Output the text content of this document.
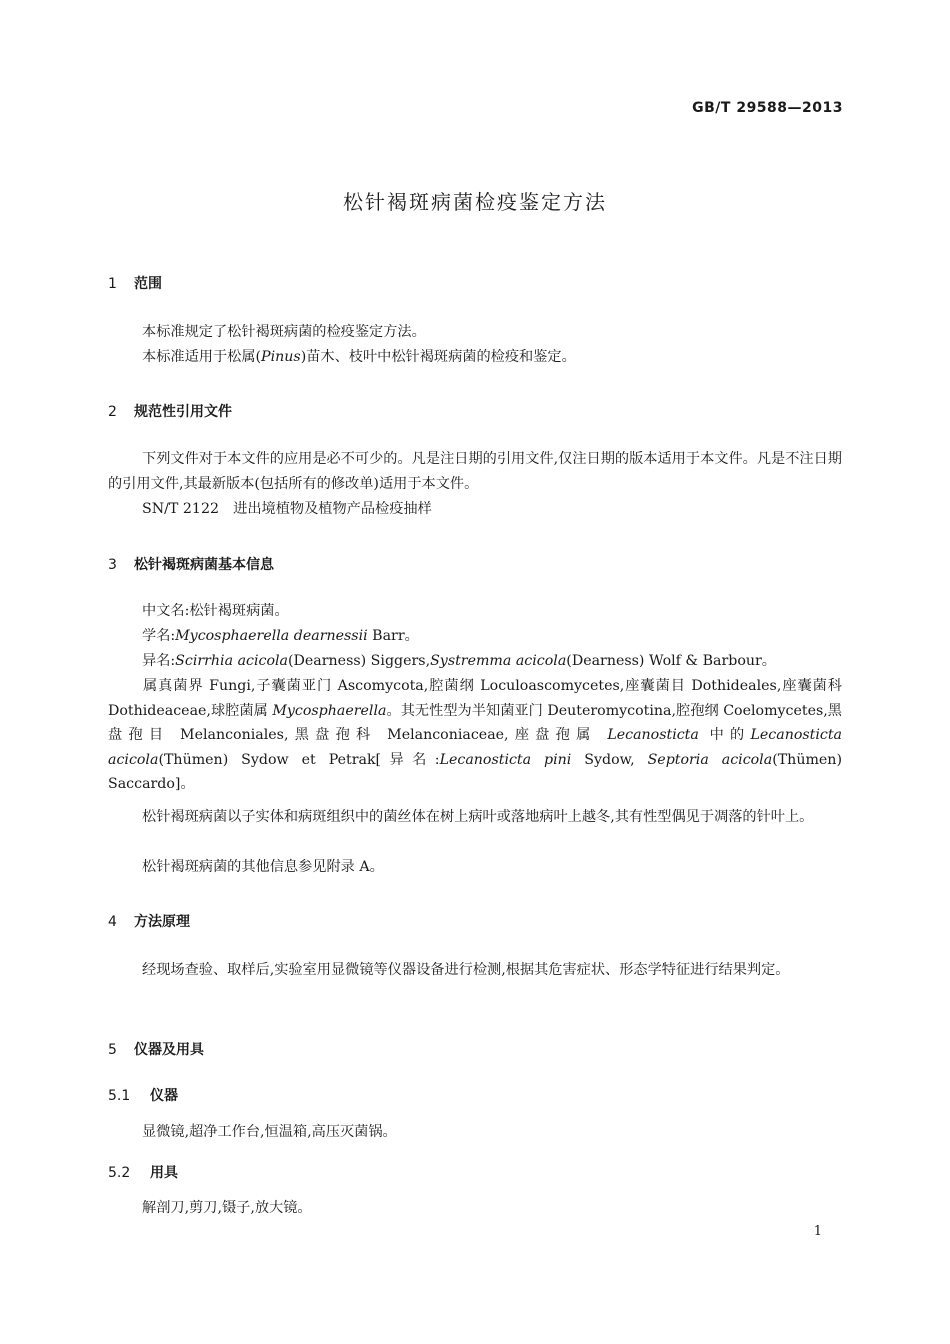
GB/T 29588—2013
松针褐斑病菌检疫鉴定方法
1 范围
本标准规定了松针褐斑病菌的检疫鉴定方法。
本标准适用于松属(Pinus)苗木、枝叶中松针褐斑病菌的检疫和鉴定。
2 规范性引用文件
下列文件对于本文件的应用是必不可少的。凡是注日期的引用文件,仅注日期的版本适用于本文件。凡是不注日期的引用文件,其最新版本(包括所有的修改单)适用于本文件。
SN/T 2122　进出境植物及植物产品检疫抽样
3 松针褐斑病菌基本信息
中文名:松针褐斑病菌。
学名:Mycosphaerella dearnessii Barr。
异名:Scirrhia acicola(Dearness) Siggers,Systremma acicola(Dearness) Wolf & Barbour。
属真菌界 Fungi,子囊菌亚门 Ascomycota,腔菌纲 Loculoascomycetes,座囊菌目 Dothideales,座囊菌科 Dothideaceae,球腔菌属 Mycosphaerella。其无性型为半知菌亚门 Deuteromycotina,腔孢纲 Coelomycetes,黑盘孢目 Melanconiales,黑盘孢科 Melanconiaceae,座盘孢属 Lecanosticta 中的Lecanosticta acicola(Thümen) Sydow et Petrak[异名:Lecanosticta pini Sydow, Septoria acicola(Thümen) Saccardo]。
松针褐斑病菌以子实体和病斑组织中的菌丝体在树上病叶或落地病叶上越冬,其有性型偶见于凋落的针叶上。
松针褐斑病菌的其他信息参见附录 A。
4 方法原理
经现场查验、取样后,实验室用显微镜等仪器设备进行检测,根据其危害症状、形态学特征进行结果判定。
5 仪器及用具
5.1 仪器
显微镜,超净工作台,恒温箱,高压灭菌锅。
5.2 用具
解剖刀,剪刀,镊子,放大镜。
1
